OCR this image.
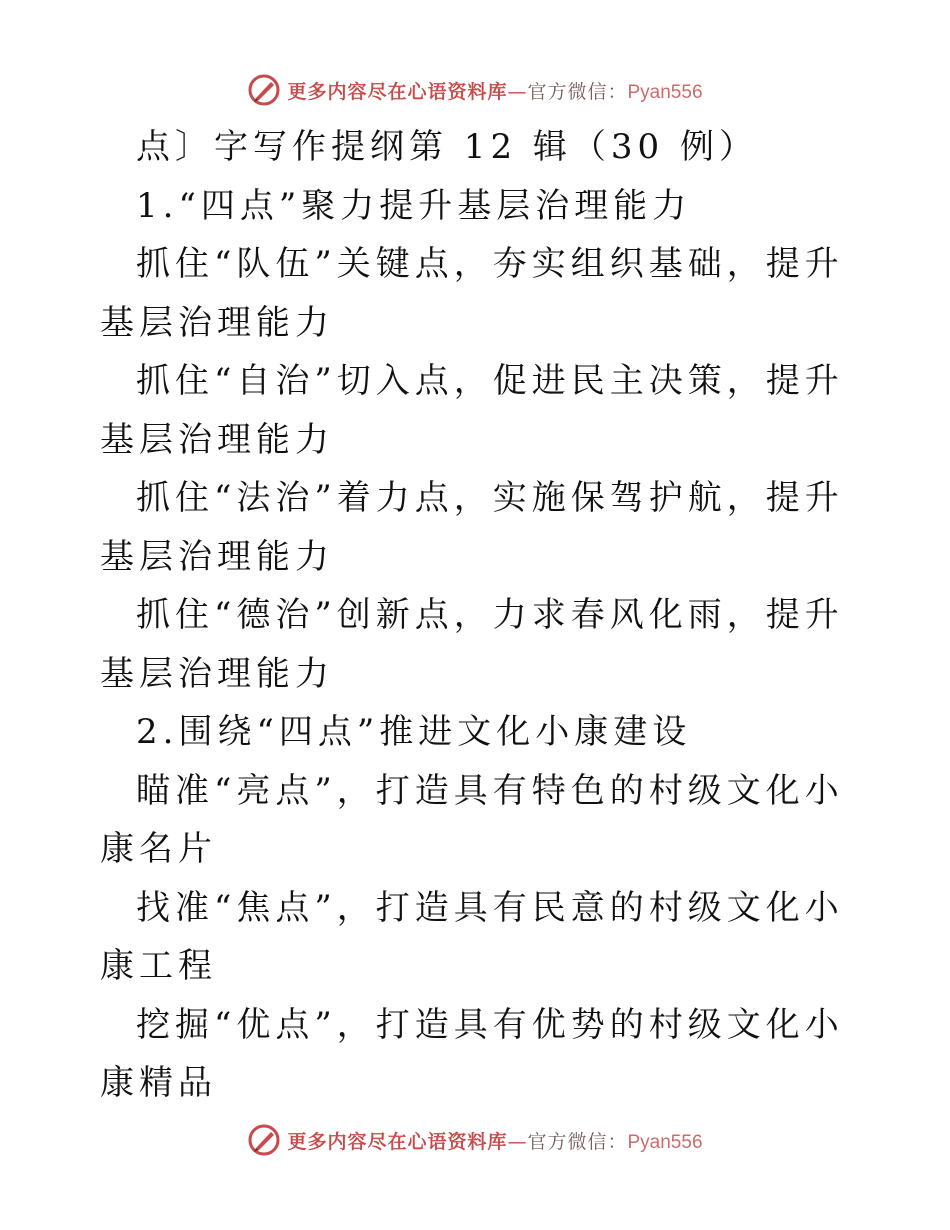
更多内容尽在心语资料库—官方微信：Pyan556

点〕字写作提纲第 12 辑（30 例）

1.“四点”聚力提升基层治理能力

抓住“队伍”关键点，夯实组织基础，提升基层治理能力

抓住“自治”切入点，促进民主决策，提升基层治理能力

抓住“法治”着力点，实施保驾护航，提升基层治理能力

抓住“德治”创新点，力求春风化雨，提升基层治理能力

2.围绕“四点”推进文化小康建设

瞄准“亮点”，打造具有特色的村级文化小康名片

找准“焦点”，打造具有民意的村级文化小康工程

挖掘“优点”，打造具有优势的村级文化小康精品

更多内容尽在心语资料库—官方微信：Pyan556
